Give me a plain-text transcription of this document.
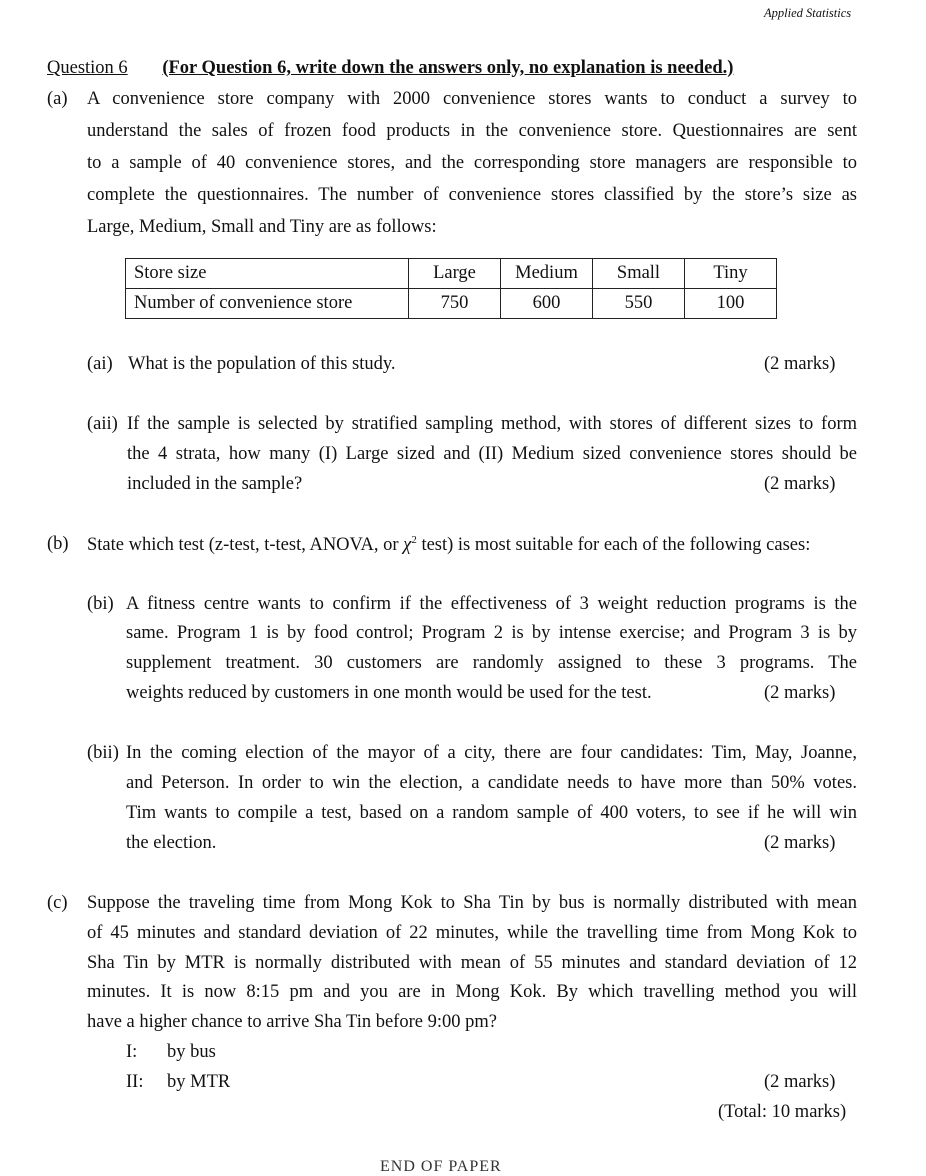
Applied Statistics
Question 6 (For Question 6, write down the answers only, no explanation is needed.)
(a) A convenience store company with 2000 convenience stores wants to conduct a survey to
understand the sales of frozen food products in the convenience store. Questionnaires are sent
to a sample of 40 convenience stores, and the corresponding store managers are responsible to
complete the questionnaires. The number of convenience stores classified by the store’s size as
Large, Medium, Small and Tiny are as follows:
Store size	Large	Medium	Small	Tiny
Number of convenience store	750	600	550	100
(ai) What is the population of this study.	(2 marks)
(aii) If the sample is selected by stratified sampling method, with stores of different sizes to form
the 4 strata, how many (I) Large sized and (II) Medium sized convenience stores should be
included in the sample?	(2 marks)
(b) State which test (z-test, t-test, ANOVA, or $\chi^2$ test) is most suitable for each of the following cases:
(bi) A fitness centre wants to confirm if the effectiveness of 3 weight reduction programs is the
same. Program 1 is by food control; Program 2 is by intense exercise; and Program 3 is by
supplement treatment. 30 customers are randomly assigned to these 3 programs. The
weights reduced by customers in one month would be used for the test.	(2 marks)
(bii) In the coming election of the mayor of a city, there are four candidates: Tim, May, Joanne,
and Peterson. In order to win the election, a candidate needs to have more than 50% votes.
Tim wants to compile a test, based on a random sample of 400 voters, to see if he will win
the election.	(2 marks)
(c) Suppose the traveling time from Mong Kok to Sha Tin by bus is normally distributed with mean
of 45 minutes and standard deviation of 22 minutes, while the travelling time from Mong Kok to
Sha Tin by MTR is normally distributed with mean of 55 minutes and standard deviation of 12
minutes. It is now 8:15 pm and you are in Mong Kok. By which travelling method you will
have a higher chance to arrive Sha Tin before 9:00 pm?
I: by bus
II: by MTR	(2 marks)
(Total: 10 marks)
END OF PAPER
